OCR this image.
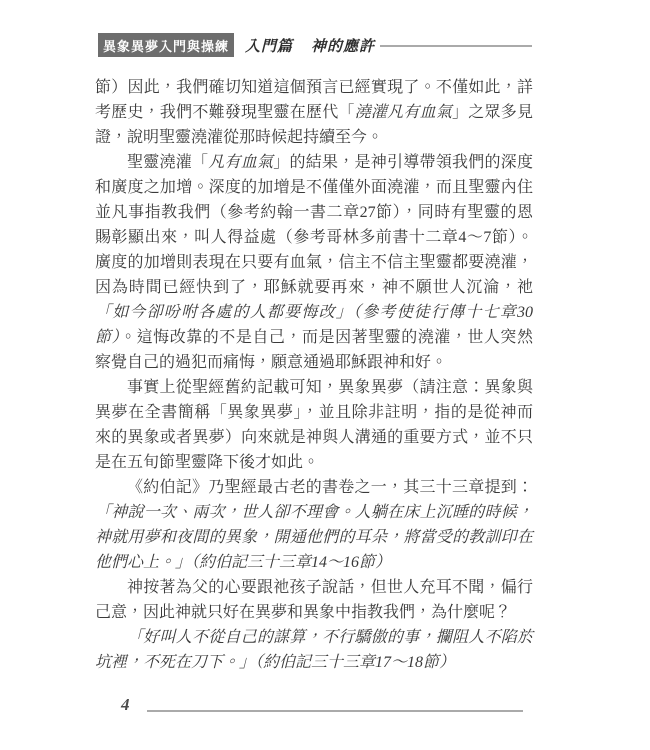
異象異夢入門與操練 入門篇 神的應許

節）因此，我們確切知道這個預言已經實現了。不僅如此，詳考歷史，我們不難發現聖靈在歷代「澆灌凡有血氣」之眾多見證，說明聖靈澆灌從那時候起持續至今。

聖靈澆灌「凡有血氣」的結果，是神引導帶領我們的深度和廣度之加增。深度的加增是不僅僅外面澆灌，而且聖靈內住並凡事指教我們（參考約翰一書二章27節），同時有聖靈的恩賜彰顯出來，叫人得益處（參考哥林多前書十二章4～7節）。廣度的加增則表現在只要有血氣，信主不信主聖靈都要澆灌，因為時間已經快到了，耶穌就要再來，神不願世人沉淪，祂「如今卻吩咐各處的人都要悔改」（參考使徒行傳十七章30節）。這悔改靠的不是自己，而是因著聖靈的澆灌，世人突然察覺自己的過犯而痛悔，願意通過耶穌跟神和好。

事實上從聖經舊約記載可知，異象異夢（請注意：異象與異夢在全書簡稱「異象異夢」，並且除非註明，指的是從神而來的異象或者異夢）向來就是神與人溝通的重要方式，並不只是在五旬節聖靈降下後才如此。

《約伯記》乃聖經最古老的書卷之一，其三十三章提到：「神說一次、兩次，世人卻不理會。人躺在床上沉睡的時候，神就用夢和夜間的異象，開通他們的耳朵，將當受的教訓印在他們心上。」（約伯記三十三章14～16節）

神按著為父的心要跟祂孩子說話，但世人充耳不聞，偏行己意，因此神就只好在異夢和異象中指教我們，為什麼呢？

「好叫人不從自己的謀算，不行驕傲的事，攔阻人不陷於坑裡，不死在刀下。」（約伯記三十三章17～18節）

4
